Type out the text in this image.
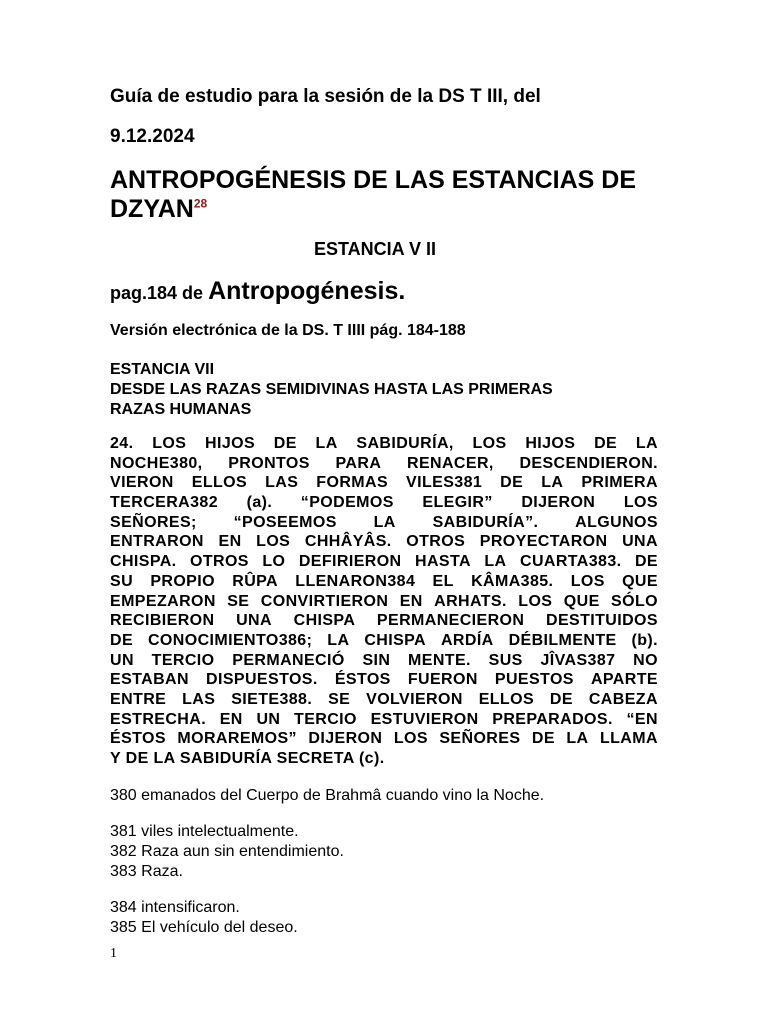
Guía de estudio para la sesión de la DS T III, del
9.12.2024
ANTROPOGÉNESIS DE LAS ESTANCIAS DE DZYAN$^{28}$
ESTANCIA V II
pag.184 de Antropogénesis.
Versión electrónica de la DS. T IIII pág. 184-188
ESTANCIA VII
DESDE LAS RAZAS SEMIDIVINAS HASTA LAS PRIMERAS
RAZAS HUMANAS
24. LOS HIJOS DE LA SABIDURÍA, LOS HIJOS DE LA
NOCHE380, PRONTOS PARA RENACER, DESCENDIERON.
VIERON ELLOS LAS FORMAS VILES381 DE LA PRIMERA
TERCERA382 (a). “PODEMOS ELEGIR” DIJERON LOS
SEÑORES; “POSEEMOS LA SABIDURÍA”. ALGUNOS
ENTRARON EN LOS CHHÂYÂS. OTROS PROYECTARON UNA
CHISPA. OTROS LO DEFIRIERON HASTA LA CUARTA383. DE
SU PROPIO RÛPA LLENARON384 EL KÂMA385. LOS QUE
EMPEZARON SE CONVIRTIERON EN ARHATS. LOS QUE SÓLO
RECIBIERON UNA CHISPA PERMANECIERON DESTITUIDOS
DE CONOCIMIENTO386; LA CHISPA ARDÍA DÉBILMENTE (b).
UN TERCIO PERMANECIÓ SIN MENTE. SUS JÎVAS387 NO
ESTABAN DISPUESTOS. ÉSTOS FUERON PUESTOS APARTE
ENTRE LAS SIETE388. SE VOLVIERON ELLOS DE CABEZA
ESTRECHA. EN UN TERCIO ESTUVIERON PREPARADOS. “EN
ÉSTOS MORAREMOS” DIJERON LOS SEÑORES DE LA LLAMA
Y DE LA SABIDURÍA SECRETA (c).
380 emanados del Cuerpo de Brahmâ cuando vino la Noche.
381 viles intelectualmente.
382 Raza aun sin entendimiento.
383 Raza.
384 intensificaron.
385 El vehículo del deseo.
1
